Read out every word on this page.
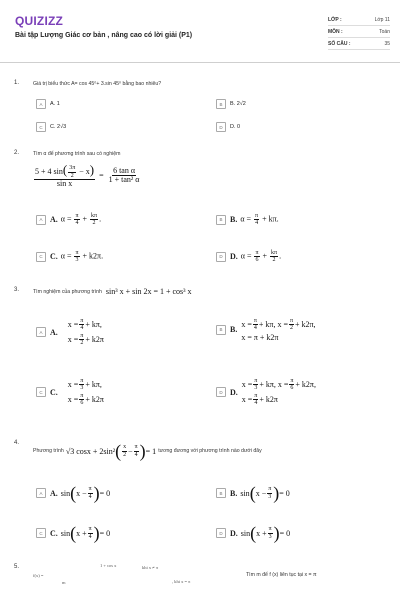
QUIZIZZ
Bài tập Lượng Giác cơ bản , nâng cao có lời giải (P1)
LỚP :	Lớp 11
MÔN :	Toán
SỐ CÂU :	35
1.	Giá trị biểu thức A= cos 45⁰+ 3.sin 45⁰ bằng bao nhiêu?
A	A. 1	B	B. 2√2
C	C. 2√3	D	D. 0
2.	Tìm α để phương trình sau có nghiệm
$\frac{5 + 4 \sin( \frac{3\pi}{2} - x)}{\text{sin x}} = \frac{\text{6 tan α}}{\text{1 + tan² α}}$
A A. $\alpha = \frac{\pi}{4} + \frac{k\pi}{2}$ .	B B. $\alpha = \frac{\pi}{4} + k\pi$.
C C. $\alpha = \frac{\pi}{3} + k2\pi$.	D D. $\alpha = \frac{\pi}{6} + \frac{k\pi}{2}$ .
3.	Tìm nghiệm của phương trình sin³ x + sin 2x = 1 + cos³ x
A A.
$x = \frac{\pi}{4} + k\pi$,
$x = \frac{\pi}{2} + k2\pi$
B B.
$x = \frac{\pi}{4} + k\pi$, $x = \frac{\pi}{2} + k2\pi$,
x = π + k2π
C C.
$x = \frac{\pi}{3} + k\pi$,
$x = \frac{\pi}{6} + k2\pi$
D D.
$x = \frac{\pi}{3} + k\pi$, $x = \frac{\pi}{6} + k2\pi$,
$x = \frac{\pi}{4} + k2\pi$
4.
Phương trình √3 cosx + 2sin² ( $\frac{x}{2} - \frac{\pi}{4}$ ) = 1 tương đương với phương trình nào dưới đây
A A. sin ( $x - \frac{\pi}{4}$ ) = 0	B B. sin ( $x - \frac{\pi}{3}$ ) = 0
C C. sin ( $x + \frac{\pi}{4}$ ) = 0	D D. sin ( $x + \frac{\pi}{3}$ ) = 0
5.
f(x) =
m
1 + cos x	khi x ≠ π
, khi x = π
Tìm m để f (x) liên tục tại x = π
